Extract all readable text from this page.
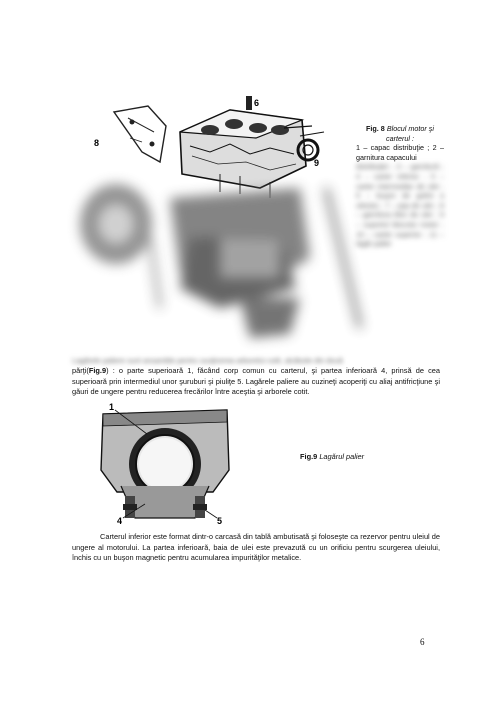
6
8
9
Fig. 8 Blocul motor şi carterul :
1 – capac distribuţie ; 2 – garnitura capacului
distribuţiei ; 3 – garnitură ; 4 – carter inferior ; 5 – carter intermediar de ulei ; 6 – buşon de golire a uleiului ; 7 – joja de ulei ; 8 – garnitura bloc de ulei ; 9 – suportul blocului motor ; 10 – carter superior ; 11 – lagăr palier
Lagărele paliere sunt ansamble pentru susţinerea arborelui cotit, alcătuite din două
părţi(Fig.9) : o parte superioară 1, făcând corp comun cu carterul, şi partea inferioară 4, prinsă de cea superioară prin intermediul unor şuruburi şi piuliţe 5. Lagărele paliere au cuzineţi acoperiţi cu aliaj antifricţiune şi găuri de ungere pentru reducerea frecărilor între aceştia şi arborele cotit.
1
4	5
Fig.9 Lagărul palier
Carterul inferior este format dintr-o carcasă din tablă ambutisată şi foloseşte ca rezervor pentru uleiul de ungere al motorului. La partea inferioară, baia de ulei este prevazută cu un orificiu pentru scurgerea uleiului, închis cu un buşon magnetic pentru acumularea impurităţilor metalice.
6
